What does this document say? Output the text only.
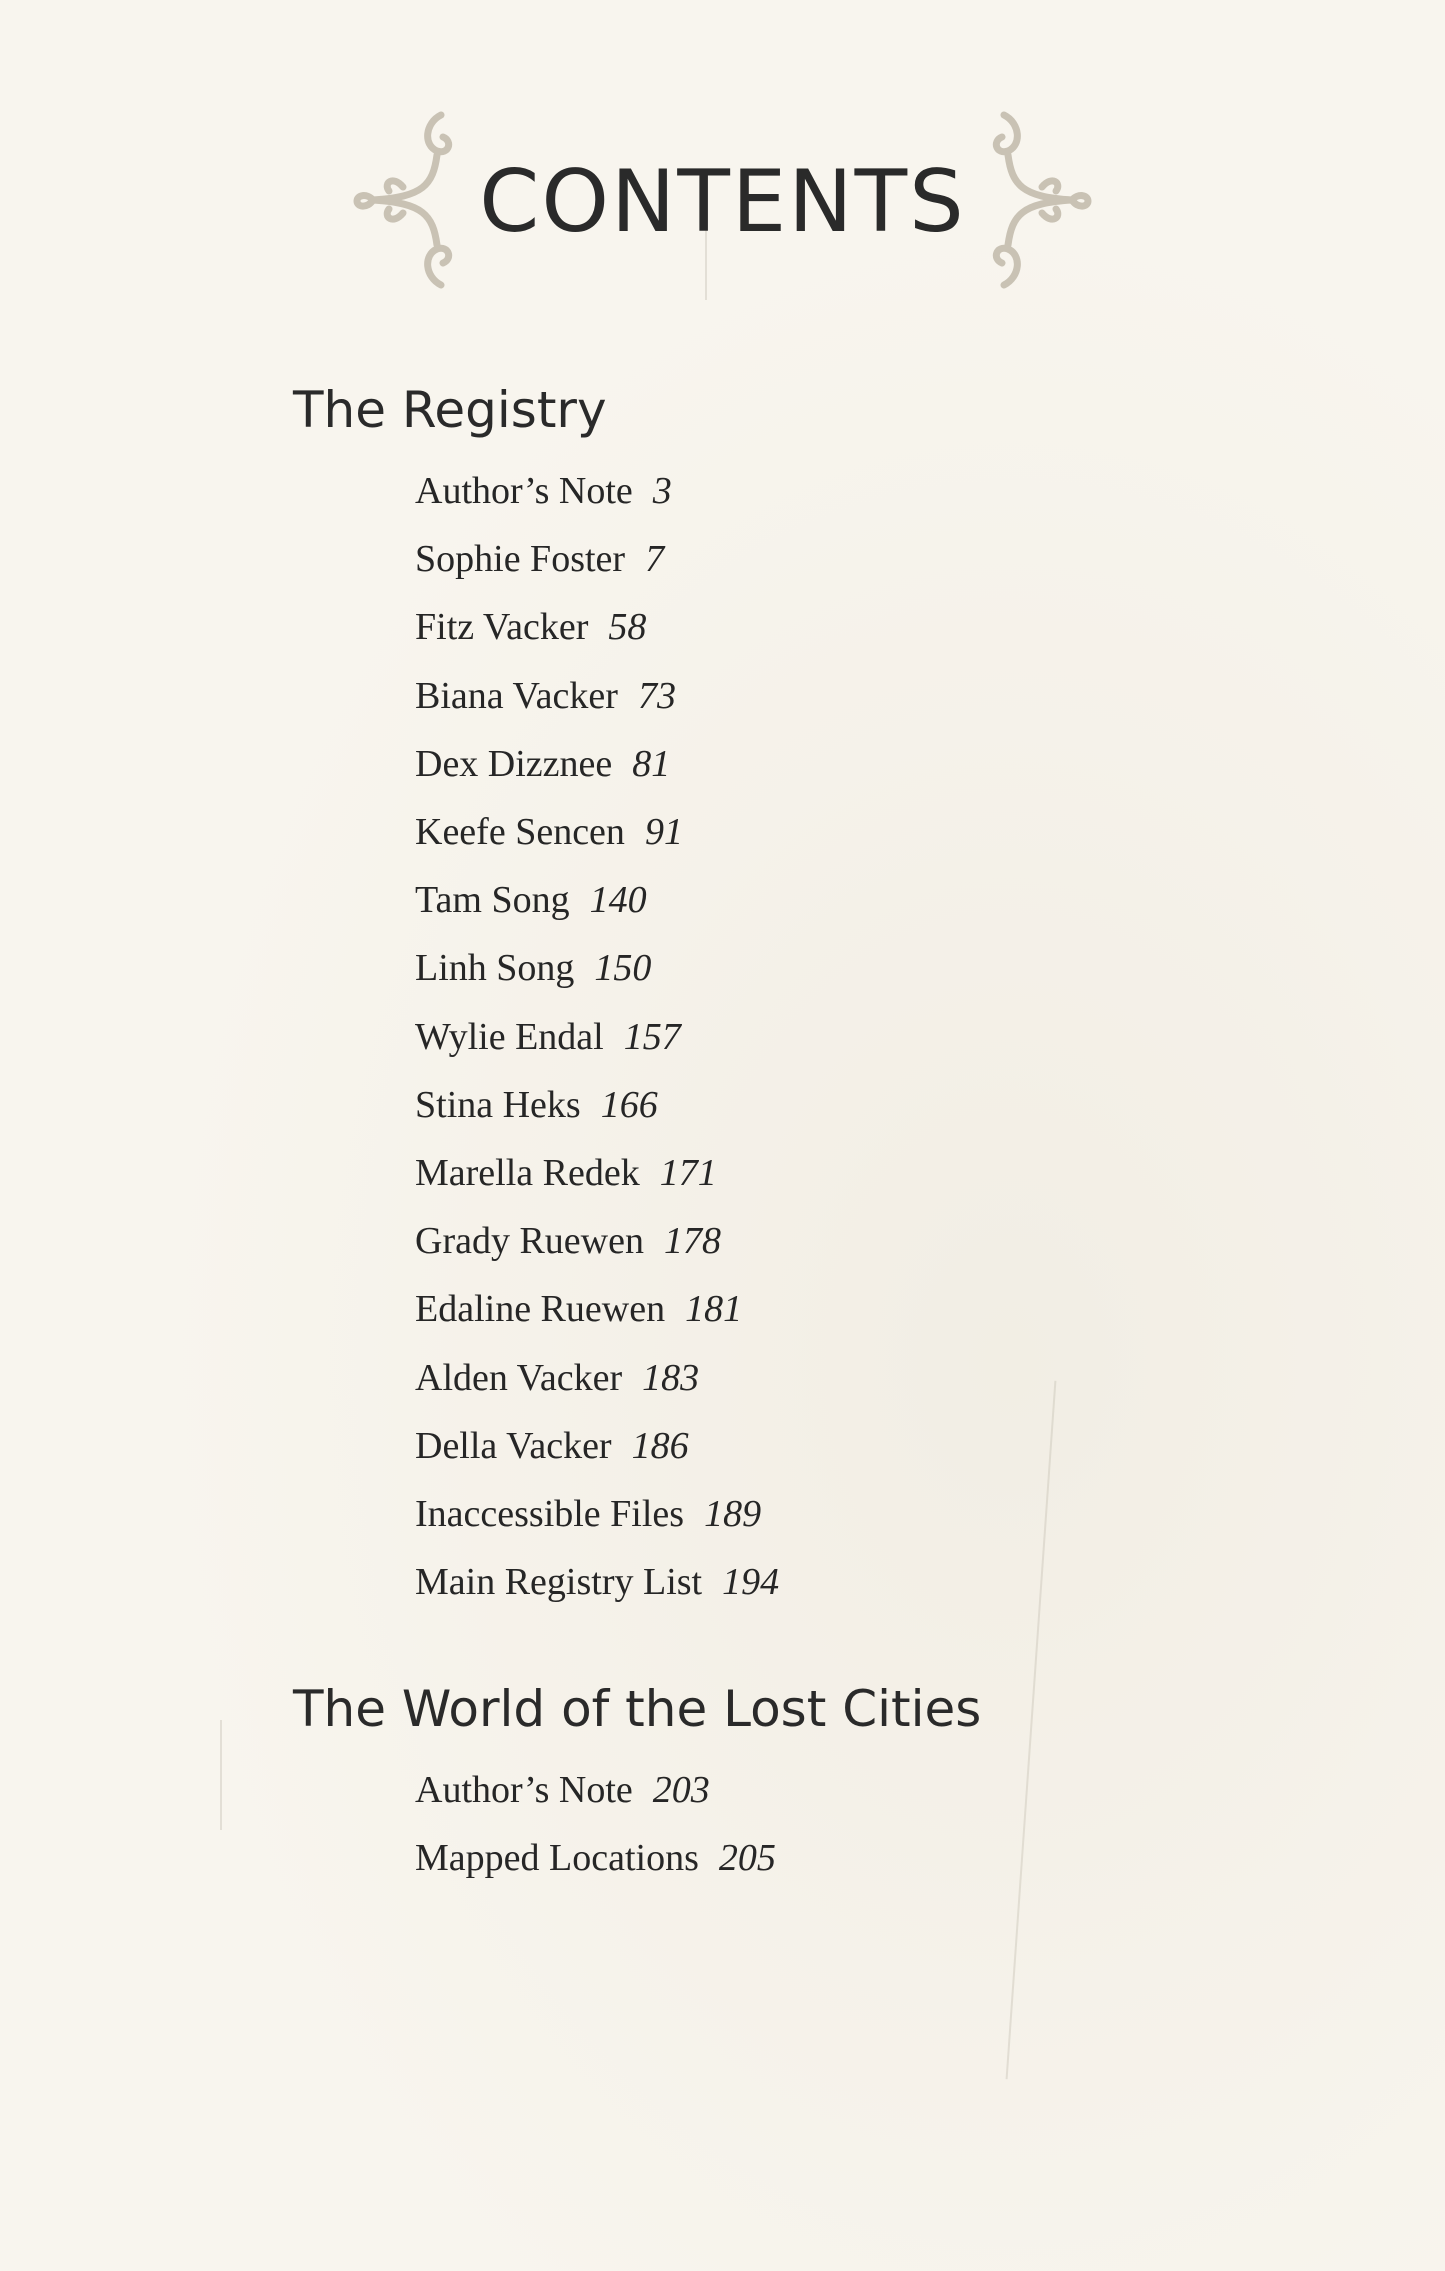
CONTENTS
The Registry
Author’s Note 3
Sophie Foster 7
Fitz Vacker 58
Biana Vacker 73
Dex Dizznee 81
Keefe Sencen 91
Tam Song 140
Linh Song 150
Wylie Endal 157
Stina Heks 166
Marella Redek 171
Grady Ruewen 178
Edaline Ruewen 181
Alden Vacker 183
Della Vacker 186
Inaccessible Files 189
Main Registry List 194
The World of the Lost Cities
Author’s Note 203
Mapped Locations 205
